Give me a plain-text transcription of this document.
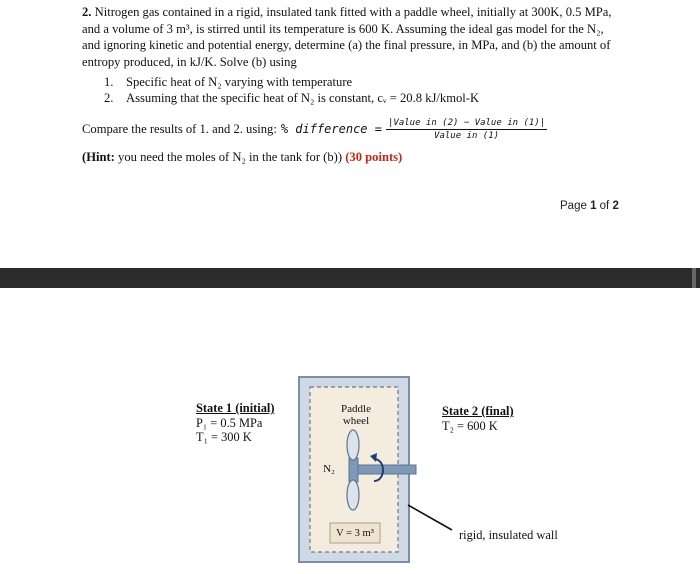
2. Nitrogen gas contained in a rigid, insulated tank fitted with a paddle wheel, initially at 300K, 0.5 MPa,
and a volume of 3 m³, is stirred until its temperature is 600 K. Assuming the ideal gas model for the N₂,
and ignoring kinetic and potential energy, determine (a) the final pressure, in MPa, and (b) the amount of
entropy produced, in kJ/K. Solve (b) using
1. Specific heat of N₂ varying with temperature
2. Assuming that the specific heat of N₂ is constant, cᵥ = 20.8 kJ/kmol-K
Compare the results of 1. and 2. using: % difference = $\frac{\text{|Value in (2) − Value in (1)|}}{\text{Value in (1)}}$
(Hint: you need the moles of N₂ in the tank for (b)) (30 points)
Page 1 of 2
Paddle
wheel
N₂
V = 3 m³
State 1 (initial)
P₁ = 0.5 MPa
T₁ = 300 K
State 2 (final)
T₂ = 600 K
rigid, insulated wall
